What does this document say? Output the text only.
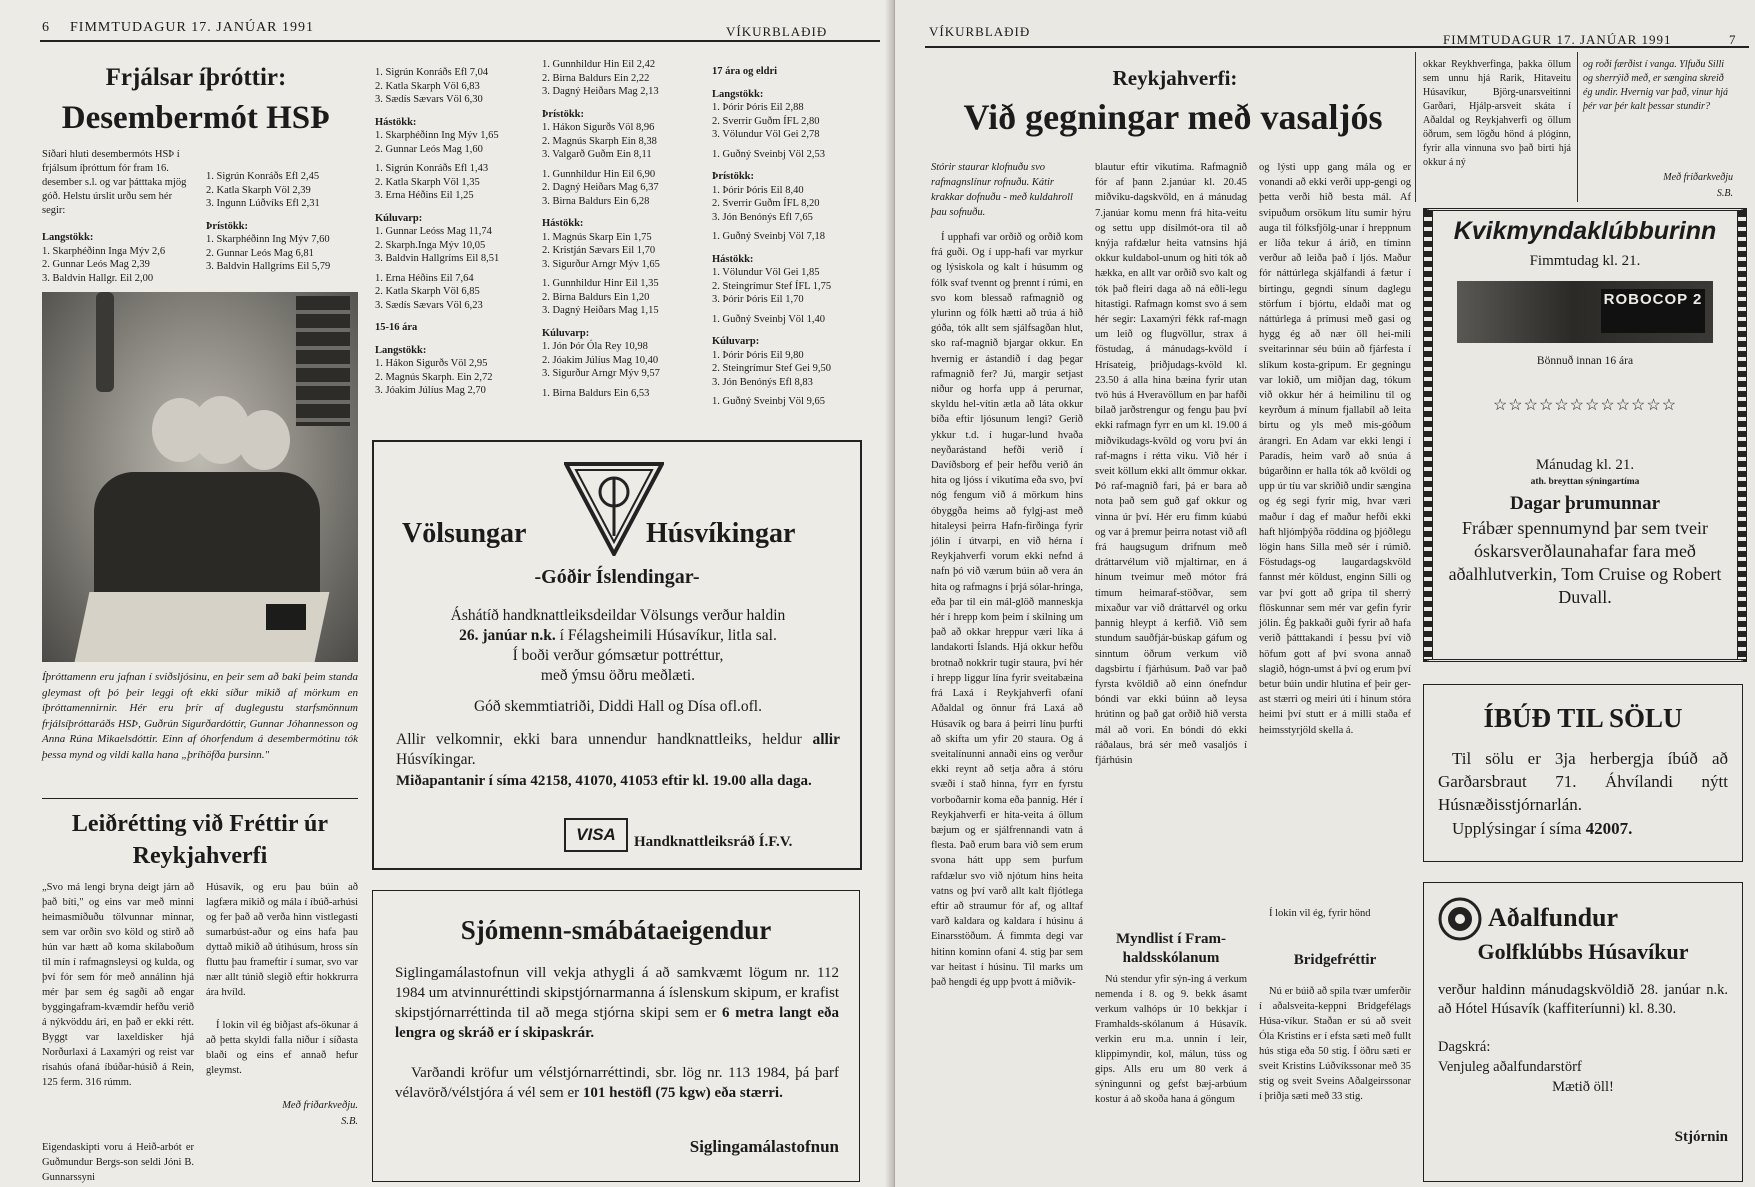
6 FIMMTUDAGUR 17. JANÚAR 1991	VÍKURBLAÐIÐ
Frjálsar íþróttir:
Desembermót HSÞ
Síðari hluti desembermóts HSÞ í frjálsum íþróttum fór fram 16. desember s.l. og var þátttaka mjög góð. Helstu úrslit urðu sem hér segir:
Langstökk:
1. Skarphéðinn Inga Mýv 2,6
2. Gunnar Leós Mag 2,39
3. Baldvin Hallgr. Eil 2,00
1. Sigrún Konráðs Efl 2,45
2. Katla Skarph Völ 2,39
3. Ingunn Lúðvíks Efl 2,31
Þrístökk:
1. Skarphéðinn Ing Mýv 7,60
2. Gunnar Leós Mag 6,81
3. Baldvin Hallgríms Eil 5,79
1. Sigrún Konráðs Efl 7,04
2. Katla Skarph Völ 6,83
3. Sædís Sævars Völ 6,30
Hástökk:
1. Skarphéðinn Ing Mýv 1,65
2. Gunnar Leós Mag 1,60
1. Sigrún Konráðs Efl 1,43
2. Katla Skarph Völ 1,35
3. Erna Héðins Eil 1,25
Kúluvarp:
1. Gunnar Leóss Mag 11,74
2. Skarph.Inga Mýv 10,05
3. Baldvin Hallgríms Eil 8,51
1. Erna Héðins Eil 7,64
2. Katla Skarph Völ 6,85
3. Sædís Sævars Völ 6,23
15-16 ára
Langstökk:
1. Hákon Sigurðs Völ 2,95
2. Magnús Skarph. Ein 2,72
3. Jóakim Júlíus Mag 2,70
1. Gunnhildur Hin Eil 2,42
2. Birna Baldurs Ein 2,22
3. Dagný Heiðars Mag 2,13
Þrístökk:
1. Hákon Sigurðs Völ 8,96
2. Magnús Skarph Ein 8,38
3. Valgarð Guðm Ein 8,11
1. Gunnhildur Hin Eil 6,90
2. Dagný Heiðars Mag 6,37
3. Birna Baldurs Ein 6,28
Hástökk:
1. Magnús Skarp Ein 1,75
2. Kristján Sævars Eil 1,70
3. Sigurður Arngr Mýv 1,65
1. Gunnhildur Hinr Eil 1,35
2. Birna Baldurs Ein 1,20
3. Dagný Heiðars Mag 1,15
Kúluvarp:
1. Jón Þór Óla Rey 10,98
2. Jóakim Júlíus Mag 10,40
3. Sigurður Arngr Mýv 9,57
1. Birna Baldurs Ein 6,53
17 ára og eldri
Langstökk:
1. Þórir Þóris Eil 2,88
2. Sverrir Guðm ÍFL 2,80
3. Völundur Völ Gei 2,78
1. Guðný Sveinbj Völ 2,53
Þrístökk:
1. Þórir Þóris Eil 8,40
2. Sverrir Guðm ÍFL 8,20
3. Jón Benónýs Efl 7,65
1. Guðný Sveinbj Völ 7,18
Hástökk:
1. Völundur Völ Gei 1,85
2. Steingrímur Stef ÍFL 1,75
3. Þórir Þóris Eil 1,70
1. Guðný Sveinbj Völ 1,40
Kúluvarp:
1. Þórir Þóris Eil 9,80
2. Steingrímur Stef Gei 9,50
3. Jón Benónýs Efl 8,83
1. Guðný Sveinbj Völ 9,65
Íþróttamenn eru jafnan í sviðsljósinu, en þeir sem að baki þeim standa gleymast oft þó þeir leggi oft ekki síður mikið af mörkum en íþróttamennirnir. Hér eru þrír af duglegustu starfsmönnum frjálsíþróttaráðs HSÞ, Guðrún Sigurðardóttir, Gunnar Jóhannesson og Anna Rúna Mikaelsdóttir. Einn af óhorfendum á desembermótinu tók þessa mynd og vildi kalla hana „þríhöfða þursinn."
Leiðrétting við Fréttir úr Reykjahverfi
„Svo má lengi bryna deigt járn að það bíti," og eins var með minni heimasmíðuðu tölvunnar minnar, sem var orðin svo köld og stirð að hún var hætt að koma skilaboðum til mín í rafmagnsleysi og kulda, og því fór sem fór með annálinn hjá mér þar sem ég sagði að engar byggingafram-kvæmdir hefðu verið á nýkvöddu ári, en það er ekki rétt. Byggt var laxeldisker hjá Norðurlaxi á Laxamýri og reist var risahús ofaná íbúðar-húsið á Rein, 125 ferm. 316 rúmm.
Eigendaskipti voru á Heið-arbót er Guðmundur Bergs-son seldi Jóni B. Gunnarssyni
Húsavík, og eru þau búin að lagfæra mikið og mála í íbúð-arhúsi og fer það að verða hinn vistlegasti sumarbúst-aður og eins hafa þau dyttað mikið að útihúsum, hross sín fluttu þau frameftir í sumar, svo var nær allt túnið slegið eftir hokkrurra ára hvíld.
Í lokin vil ég biðjast afs-ökunar á að þetta skyldi falla niður í síðasta blaði og eins ef annað hefur gleymst.
Með friðarkveðju.
S.B.
Völsungar	Húsvíkingar
-Góðir Íslendingar-
Áshátíð handknattleiksdeildar Völsungs verður haldin
26. janúar n.k. í Félagsheimili Húsavíkur, litla sal.
Í boði verður gómsætur pottréttur,
með ýmsu öðru meðlæti.
Góð skemmtiatriði, Diddi Hall og Dísa ofl.ofl.
Allir velkomnir, ekki bara unnendur handknattleiks, heldur allir Húsvíkingar.
Miðapantanir í síma 42158, 41070, 41053 eftir kl. 19.00 alla daga.
VISA	Handknattleiksráð Í.F.V.
Sjómenn-smábátaeigendur
Siglingamálastofnun vill vekja athygli á að samkvæmt lögum nr. 112 1984 um atvinnuréttindi skipstjórnarmanna á íslenskum skipum, er krafist skipstjórnarréttinda til að mega stjórna skipi sem er 6 metra langt eða lengra og skráð er í skipaskrár.
Varðandi kröfur um vélstjórnarréttindi, sbr. lög nr. 113 1984, þá þarf vélavörð/vélstjóra á vél sem er 101 hestöfl (75 kgw) eða stærri.
Siglingamálastofnun
VÍKURBLAÐIÐ
FIMMTUDAGUR 17. JANÚAR 1991	7
Reykjahverfi:
Við gegningar með vasaljós
Stórir staurar klofnuðu svo rafmagnslínur rofnuðu. Kátir krakkar dofnuðu - með kuldahroll þau sofnuðu.
Í upphafi var orðið og orðið kom frá guði. Og í upp-hafi var myrkur og lýsiskola og kalt í húsumm og fólk svaf tvennt og þrennt í rúmi, en svo kom blessað rafmagnið og ylurinn og fólk hætti að trúa á hið góða, tók allt sem sjálfsagðan hlut, sko raf-magnið bjargar okkur. En hvernig er ástandið í dag þegar rafmagnið fer? Jú, margir setjast niður og horfa upp á perurnar, skyldu hel-vítin ætla að láta okkur bíða eftir ljósunum lengi? Gerið ykkur t.d. í hugar-lund hvaða neyðarástand hefði verið í Davíðsborg ef þeir hefðu verið án hita og ljóss í vikutíma eða svo, því nóg fengum við á mörkum hins óbyggða heims að fylgj-ast með hitaleysi þeirra Hafn-firðinga fyrir jólin í útvarpi, en við hérna í Reykjahverfi vorum ekki nefnd á nafn þó við værum búin að vera án hita og rafmagns í þrjá sólar-hringa, eða þar til ein mál-glöð manneskja hér í hrepp kom þeim í skilning um það að okkar hreppur væri líka á landakorti Íslands. Hjá okkur hefðu brotnað nokkrir tugir staura, því hér í hrepp liggur lína fyrir sveitabæina frá Laxá í Reykjahverfi ofaní Aðaldal og önnur frá Laxá að Húsavík og bara á þeirri línu þurfti að skifta um yfir 20 staura. Og á sveitalínunni annaði eins og verður ekki reynt að setja aðra á stóru svæði í stað hinna, fyrr en fyrstu vorboðarnir koma eða þannig. Hér í Reykjahverfi er hita-veita á öllum bæjum og er sjálfrennandi vatn á flesta. Það erum bara við sem erum svona hátt upp sem þurfum rafdælur svo við njótum hins heita vatns og því varð allt kalt fljótlega eftir að straumur fór af, og alltaf varð kaldara og kaldara í húsinu á Einarsstöðum. Á fimmta degi var hitinn kominn ofaní 4. stig þar sem var heitast í húsinu. Til marks um það hengdi ég upp þvott á miðvik-
blautur eftir vikutíma. Rafmagnið fór af þann 2.janúar kl. 20.45 miðviku-dagskvöld, en á mánudag 7.janúar komu menn frá hita-veitu og settu upp dísilmót-ora til að knýja rafdælur heita vatnsins hjá okkur kuldabol-unum og hiti tók að hækka, en allt var orðið svo kalt og tók það fleiri daga að ná eðli-legu hitastigi. Rafmagn komst svo á sem hér segir: Laxamýri fékk raf-magn um leið og flugvöllur, strax á föstudag, á mánudags-kvöld í Hrísateig, þriðjudags-kvöld kl. 23.50 á alla hina bæina fyrir utan tvö hús á Hveravöllum en þar hafði bilað jarðstrengur og fengu þau því ekki rafmagn fyrr en um kl. 19.00 á miðvikudags-kvöld og voru því án raf-magns í rétta viku. Við hér í sveit köllum ekki allt ömmur okkar. Þó raf-magnið fari, þá er bara að nota það sem guð gaf okkur og vinna úr því. Hér eru fimm kúabú og var á þremur þeirra notast við afl frá haugsugum drifnum með dráttarvélum við mjaltirnar, en á hinum tveimur með mótor frá tímum heimaraf-stöðvar, sem mixaður var við dráttarvél og orku þannig hleypt á kerfið. Við sem stundum sauðfjár-búskap gáfum og sinntum öðrum verkum við dagsbirtu í fjárhúsum. Það var það fyrsta kvöldið að einn ónefndur bóndi var ekki búinn að leysa hrútinn og það gat orðið hið versta mál að vori. En bóndi dó ekki ráðalaus, brá sér með vasaljós í fjárhúsin
og lýsti upp gang mála og er vonandi að ekki verði upp-gengi og þetta verði hið besta mál. Af svipuðum orsökum lítu sumir hýru auga til fólksfjölg-unar í hreppnum er líða tekur á árið, en tíminn verður að leiða það í ljós. Maður fór náttúrlega skjálfandi á fætur í birtingu, gegndi sínum daglegu störfum í bjórtu, eldaði mat og náttúrlega á prímusi með gasi og hygg ég að nær öll hei-mili sveitarinnar séu búin að fjárfesta í slíkum kosta-gripum. Er gegningu var lokið, um miðjan dag, tókum við okkur hér á heimilinu til og keyrðum á mínum fjallabíl að leita birtu og yls með mis-góðum árangri. En Adam var ekki lengi í Paradís, heim varð að snúa á búgarðinn er halla tók að kvöldi og upp úr tíu var skriðið undir sængina og ég segi fyrir mig, hvar væri maður í dag ef maður hefði ekki haft hljómþýða röddina og þjóðlegu lögin hans Silla með sér í rúmið. Föstudags-og laugardagskvöld fannst mér köldust, enginn Silli og var því gott að grípa til sherrý flöskunnar sem mér var gefin fyrir jólin. Ég þakkaði guði fyrir að hafa verið þátttakandi í þessu því við höfum gott af því svona annað slagið, hógn-umst á því og erum því betur búin undir hlutina ef þeir ger-ast stærri og meiri úti í hinum stóra heimi því stutt er á milli staða ef heimsstyrjöld skella á.
Í lokin vil ég, fyrir hönd
Myndlist í Fram-haldsskólanum
Nú stendur yfir sýn-ing á verkum nemenda í 8. og 9. bekk ásamt verkum valhóps úr 10 bekkjar í Framhalds-skólanum á Húsavík. verkin eru m.a. unnin í leir, klippimyndir, kol, málun, túss og gips. Alls eru um 80 verk á sýningunni og gefst bæj-arbúum kostur á að skoða hana á göngum
Bridgefréttir
Nú er búið að spila tvær umferðir í aðalsveita-keppni Bridgefélags Húsa-víkur. Staðan er sú að sveit Óla Kristins er í efsta sæti með fullt hús stiga eða 50 stig. Í öðru sæti er sveit Kristins Lúðvíkssonar með 35 stig og sveit Sveins Aðalgeirssonar í þriðja sæti með 33 stig.
okkar Reykhverfinga, þakka öllum sem unnu hjá Rarik, Hitaveitu Húsavíkur, Björg-unarsveitinni Garðari, Hjálp-arsveit skáta í Aðaldal og Reykjahverfi og öllum öðrum, sem lögðu hönd á plóginn, fyrir alla vinnuna svo það birti hjá okkur á ný
og roði færðist í vanga. Ylfuðu Silli og sherrýið með, er sængina skreið ég undir. Hvernig var það, vinur hjá þér var þér kalt þessar stundir?
Með friðarkveðju
S.B.
Kvikmyndaklúbburinn
Fimmtudag kl. 21.
ROBOCOP 2
Bönnuð innan 16 ára
☆☆☆☆☆☆☆☆☆☆☆☆
Mánudag kl. 21.
ath. breyttan sýningartíma
Dagar þrumunnar
Frábær spennumynd þar sem tveir óskarsverðlaunahafar fara með aðalhlutverkin, Tom Cruise og Robert Duvall.
ÍBÚÐ TIL SÖLU
Til sölu er 3ja herbergja íbúð að Garðarsbraut 71. Áhvílandi nýtt Húsnæðisstjórnarlán.
Upplýsingar í síma 42007.
Aðalfundur
Golfklúbbs Húsavíkur
verður haldinn mánudagskvöldið 28. janúar n.k. að Hótel Húsavík (kaffiteríunni) kl. 8.30.
Dagskrá:
Venjuleg aðalfundarstörf
Mætið öll!
Stjórnin
